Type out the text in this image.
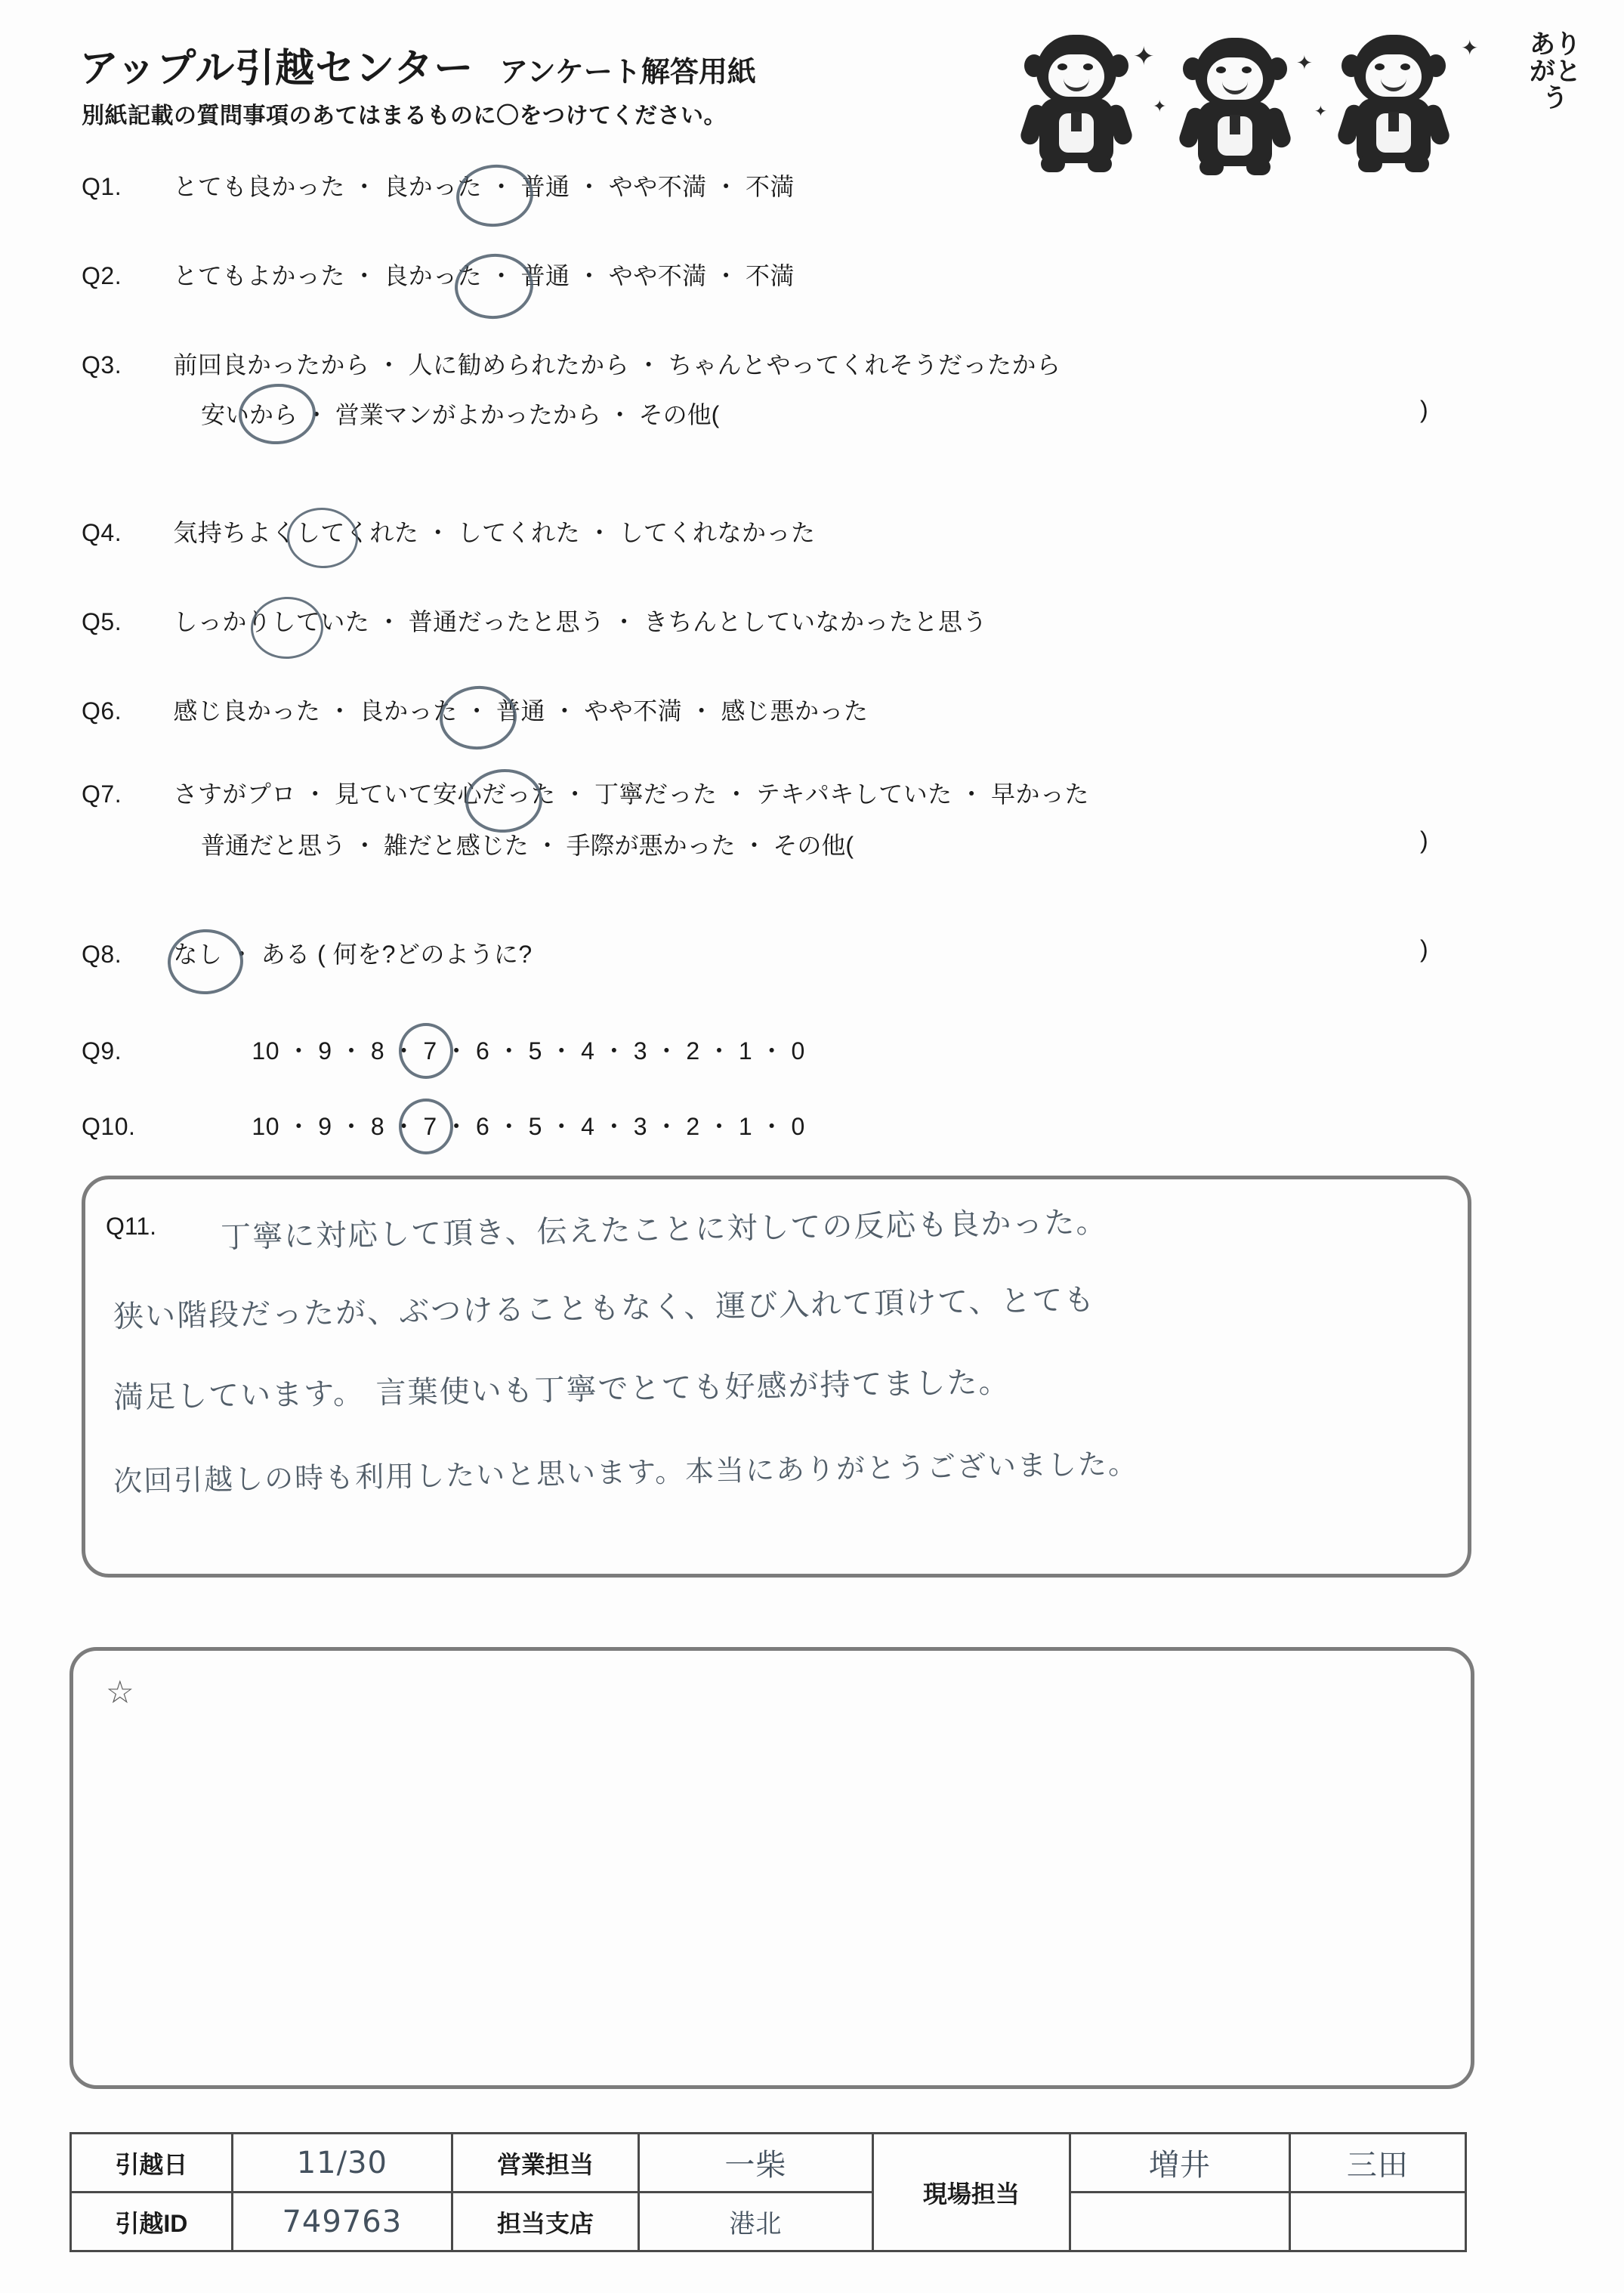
アップル引越センター アンケート解答用紙
別紙記載の質問事項のあてはまるものに〇をつけてください。
✦
✦
✦
✦
✦	ありがとう
Q1. とても良かった ・ 良かった ・ 普通 ・ やや不満 ・ 不満
Q2. とてもよかった ・ 良かった ・ 普通 ・ やや不満 ・ 不満
Q3. 前回良かったから ・ 人に勧められたから ・ ちゃんとやってくれそうだったから
安いから ・ 営業マンがよかったから ・ その他(	)
Q4. 気持ちよくしてくれた ・ してくれた ・ してくれなかった
Q5. しっかりしていた ・ 普通だったと思う ・ きちんとしていなかったと思う
Q6. 感じ良かった ・ 良かった ・ 普通 ・ やや不満 ・ 感じ悪かった
Q7. さすがプロ ・ 見ていて安心だった ・ 丁寧だった ・ テキパキしていた ・ 早かった
普通だと思う ・ 雑だと感じた ・ 手際が悪かった ・ その他(	)
Q8. なし ・ ある ( 何を?どのように?	)
Q9.	10 ・ 9 ・ 8 ・ 7 ・ 6 ・ 5 ・ 4 ・ 3 ・ 2 ・ 1 ・ 0
Q10.	10 ・ 9 ・ 8 ・ 7 ・ 6 ・ 5 ・ 4 ・ 3 ・ 2 ・ 1 ・ 0
Q11. 丁寧に対応して頂き、伝えたことに対しての反応も良かった。
狭い階段だったが、ぶつけることもなく、運び入れて頂けて、とても
満足しています。 言葉使いも丁寧でとても好感が持てました。
次回引越しの時も利用したいと思います。本当にありがとうございました。
☆
引越日	11/30	営業担当	一柴	現場担当	増井	三田
引越ID	749763	担当支店	港北			
